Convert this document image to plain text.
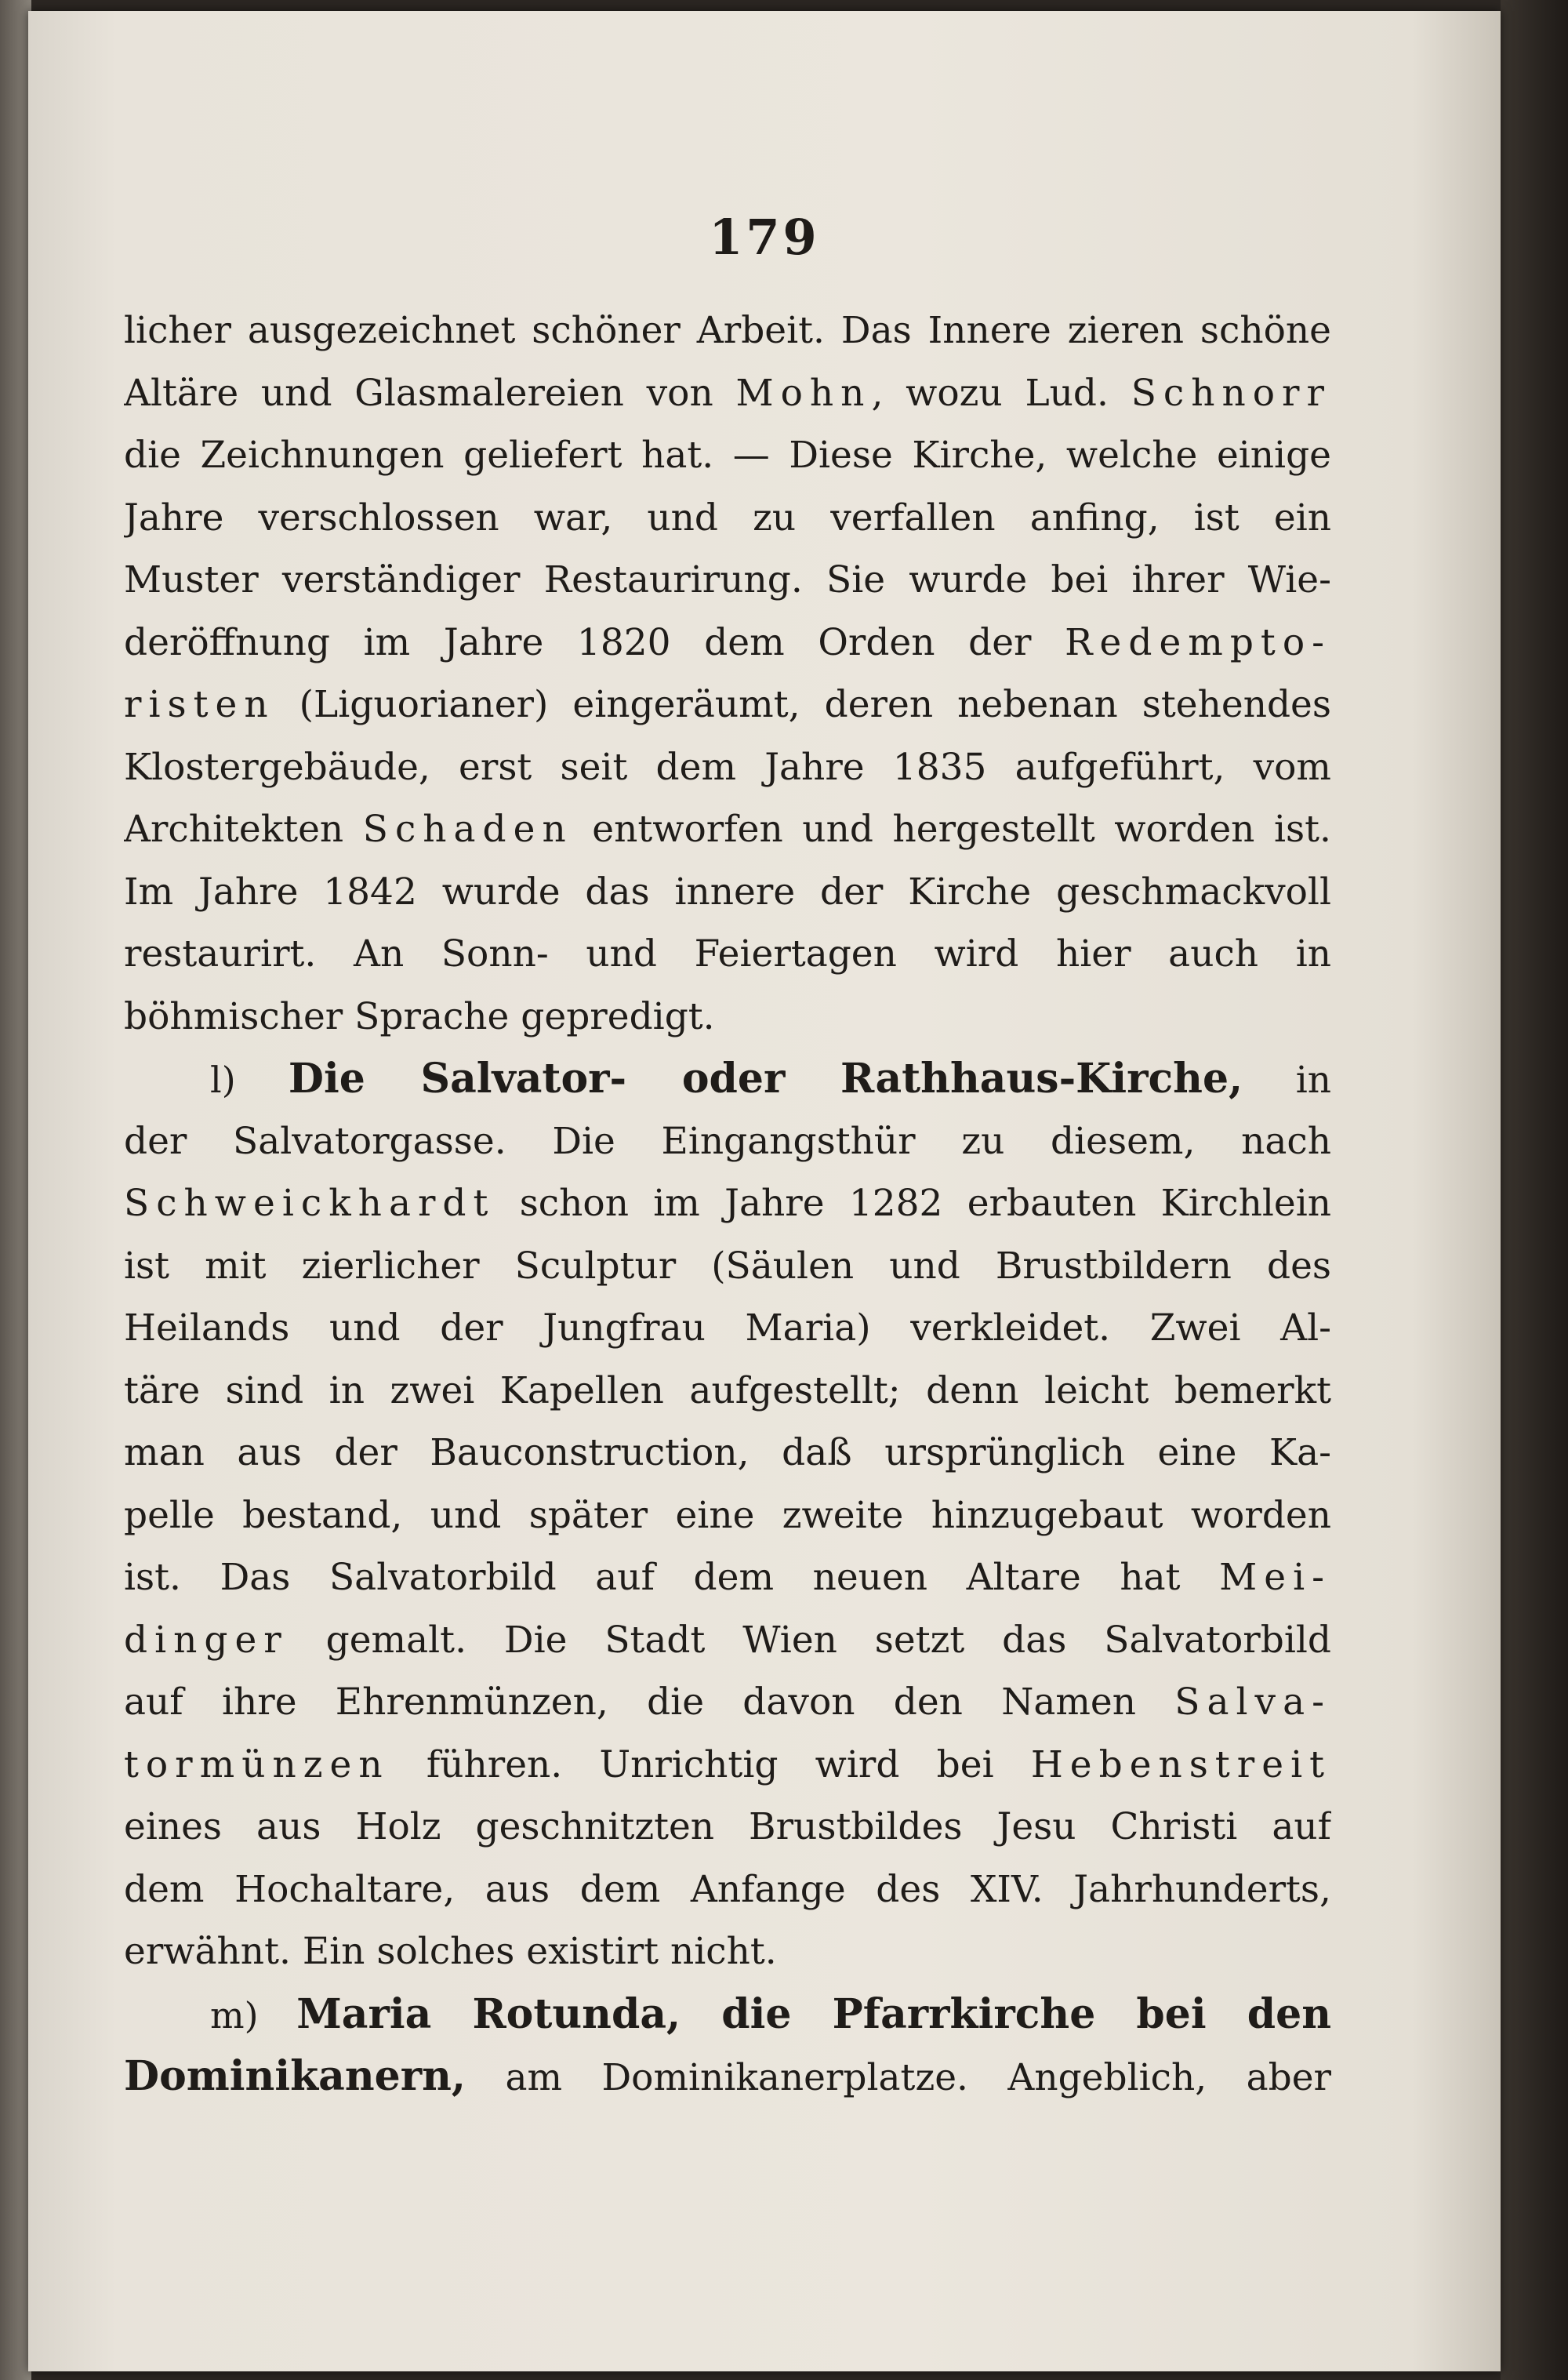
179
licher ausgezeichnet schöner Arbeit. Das Innere zieren schöne
Altäre und Glasmalereien von Mohn, wozu Lud. Schnorr
die Zeichnungen geliefert hat. — Diese Kirche, welche einige
Jahre verschlossen war, und zu verfallen anfing, ist ein
Muster verständiger Restaurirung. Sie wurde bei ihrer Wie-
deröffnung im Jahre 1820 dem Orden der Redempto-
risten (Liguorianer) eingeräumt, deren nebenan stehendes
Klostergebäude, erst seit dem Jahre 1835 aufgeführt, vom
Architekten Schaden entworfen und hergestellt worden ist.
Im Jahre 1842 wurde das innere der Kirche geschmackvoll
restaurirt. An Sonn- und Feiertagen wird hier auch in
böhmischer Sprache gepredigt.
l) Die Salvator- oder Rathhaus-Kirche, in
der Salvatorgasse. Die Eingangsthür zu diesem, nach
Schweickhardt schon im Jahre 1282 erbauten Kirchlein
ist mit zierlicher Sculptur (Säulen und Brustbildern des
Heilands und der Jungfrau Maria) verkleidet. Zwei Al-
täre sind in zwei Kapellen aufgestellt; denn leicht bemerkt
man aus der Bauconstruction, daß ursprünglich eine Ka-
pelle bestand, und später eine zweite hinzugebaut worden
ist. Das Salvatorbild auf dem neuen Altare hat Mei-
dinger gemalt. Die Stadt Wien setzt das Salvatorbild
auf ihre Ehrenmünzen, die davon den Namen Salva-
tormünzen führen. Unrichtig wird bei Hebenstreit
eines aus Holz geschnitzten Brustbildes Jesu Christi auf
dem Hochaltare, aus dem Anfange des XIV. Jahrhunderts,
erwähnt. Ein solches existirt nicht.
m) Maria Rotunda, die Pfarrkirche bei den
Dominikanern, am Dominikanerplatze. Angeblich, aber
